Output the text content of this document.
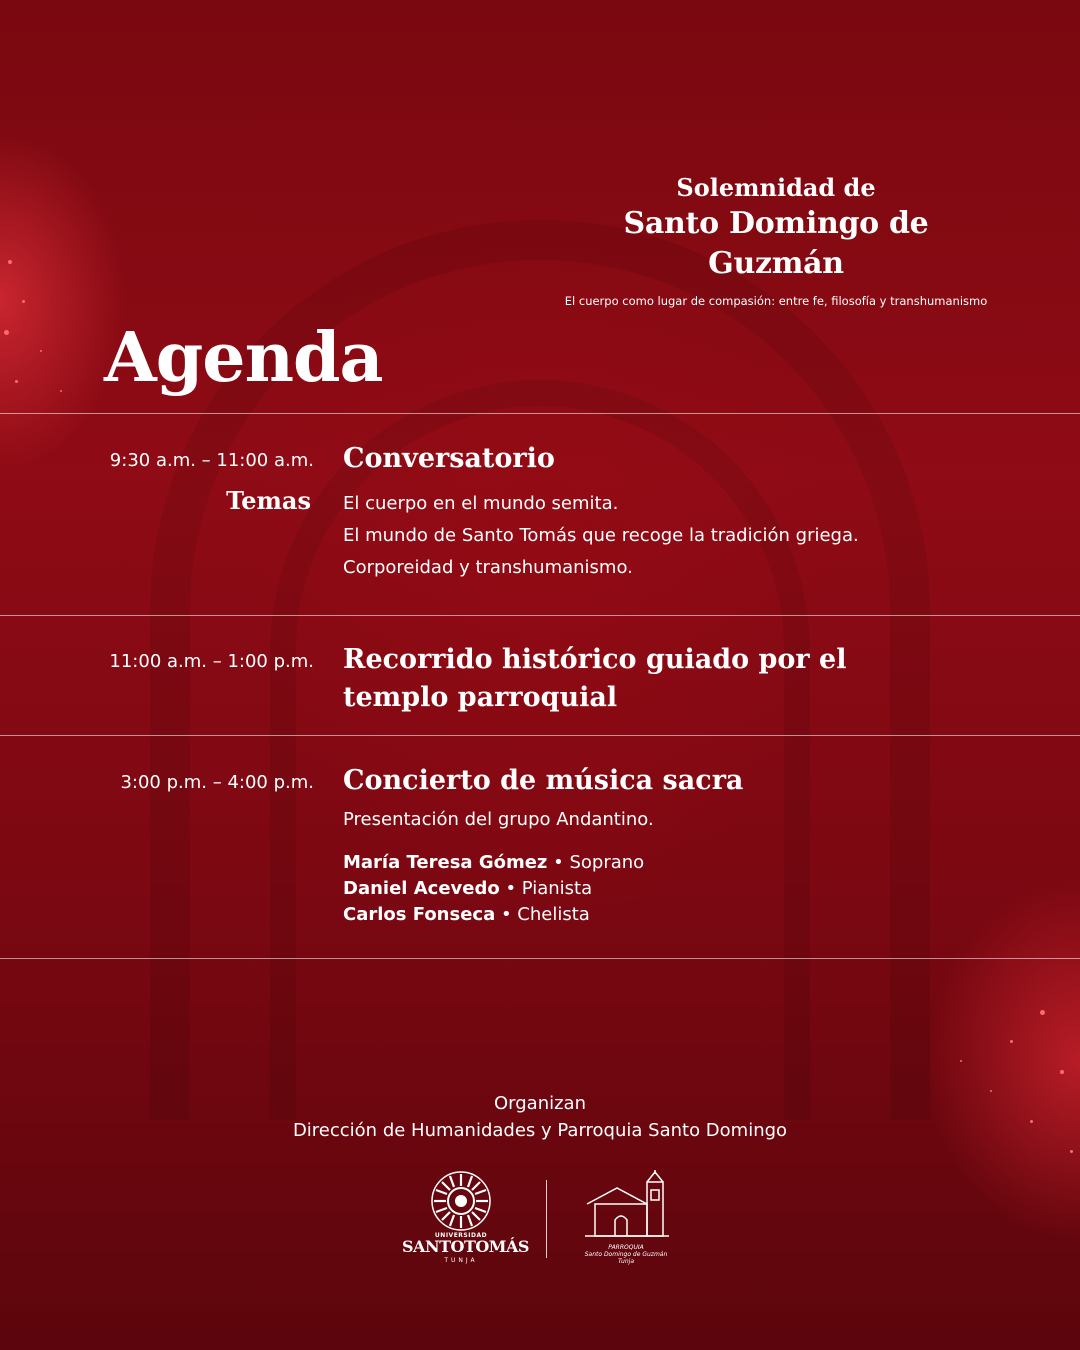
Solemnidad de
Santo Domingo de Guzmán
El cuerpo como lugar de compasión: entre fe, filosofía y transhumanismo
Agenda
9:30 a.m. – 11:00 a.m. Conversatorio
Temas El cuerpo en el mundo semita.
El mundo de Santo Tomás que recoge la tradición griega.
Corporeidad y transhumanismo.
11:00 a.m. – 1:00 p.m. Recorrido histórico guiado por el
templo parroquial
3:00 p.m. – 4:00 p.m. Concierto de música sacra
Presentación del grupo Andantino.
María Teresa Gómez • Soprano
Daniel Acevedo • Pianista
Carlos Fonseca • Chelista
Organizan
Dirección de Humanidades y Parroquia Santo Domingo
UNIVERSIDAD
SANTOTOMÁS
TUNJA
PARROQUIA
Santo Domingo de Guzmán
Tunja
